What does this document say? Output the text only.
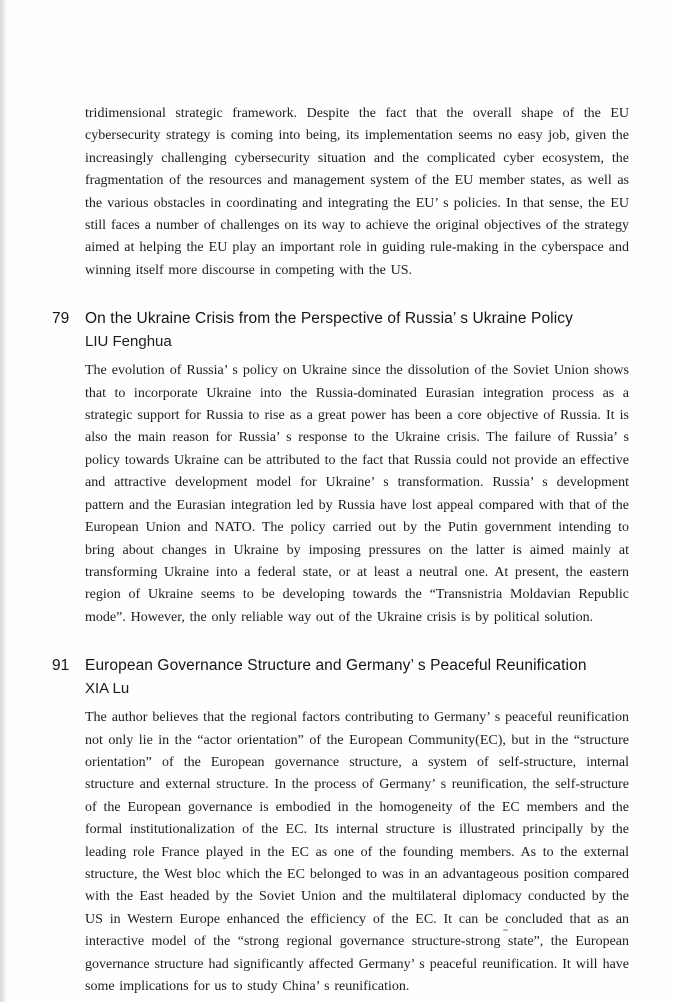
tridimensional strategic framework. Despite the fact that the overall shape of the EU cybersecurity strategy is coming into being, its implementation seems no easy job, given the increasingly challenging cybersecurity situation and the complicated cyber ecosystem, the fragmentation of the resources and management system of the EU member states, as well as the various obstacles in coordinating and integrating the EU’ s policies. In that sense, the EU still faces a number of challenges on its way to achieve the original objectives of the strategy aimed at helping the EU play an important role in guiding rule-making in the cyberspace and winning itself more discourse in competing with the US.

79 On the Ukraine Crisis from the Perspective of Russia’ s Ukraine Policy

LIU Fenghua

The evolution of Russia’ s policy on Ukraine since the dissolution of the Soviet Union shows that to incorporate Ukraine into the Russia-dominated Eurasian integration process as a strategic support for Russia to rise as a great power has been a core objective of Russia. It is also the main reason for Russia’ s response to the Ukraine crisis. The failure of Russia’ s policy towards Ukraine can be attributed to the fact that Russia could not provide an effective and attractive development model for Ukraine’ s transformation. Russia’ s development pattern and the Eurasian integration led by Russia have lost appeal compared with that of the European Union and NATO. The policy carried out by the Putin government intending to bring about changes in Ukraine by imposing pressures on the latter is aimed mainly at transforming Ukraine into a federal state, or at least a neutral one. At present, the eastern region of Ukraine seems to be developing towards the “Transnistria Moldavian Republic mode”. However, the only reliable way out of the Ukraine crisis is by political solution.

91 European Governance Structure and Germany’ s Peaceful Reunification

XIA Lu

The author believes that the regional factors contributing to Germany’ s peaceful reunification not only lie in the “actor orientation” of the European Community(EC), but in the “structure orientation” of the European governance structure, a system of self-structure, internal structure and external structure. In the process of Germany’ s reunification, the self-structure of the European governance is embodied in the homogeneity of the EC members and the formal institutionalization of the EC. Its internal structure is illustrated principally by the leading role France played in the EC as one of the founding members. As to the external structure, the West bloc which the EC belonged to was in an advantageous position compared with the East headed by the Soviet Union and the multilateral diplomacy conducted by the US in Western Europe enhanced the efficiency of the EC. It can be concluded that as an interactive model of the “strong regional governance structure-strong state”, the European governance structure had significantly affected Germany’ s peaceful reunification. It will have some implications for us to study China’ s reunification.
